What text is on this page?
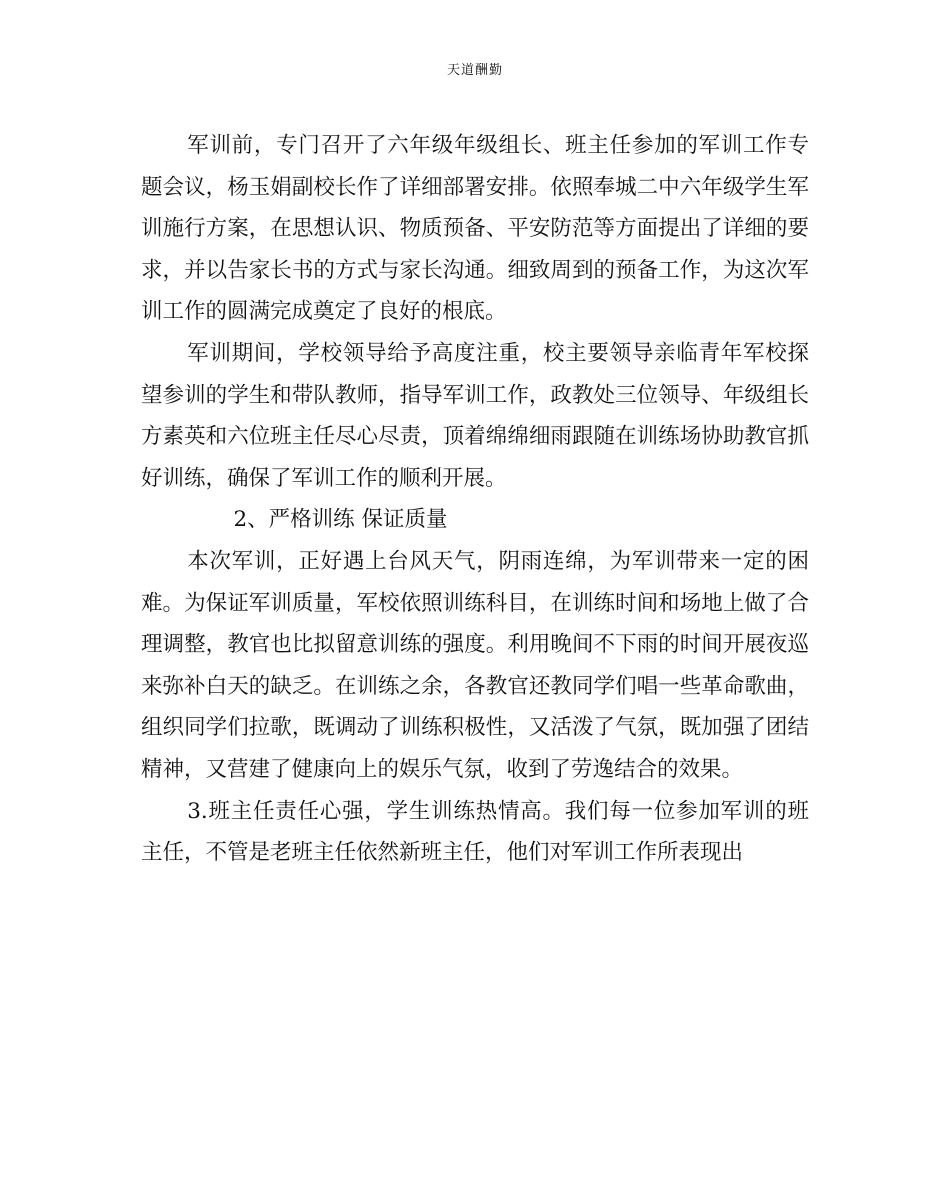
天道酬勤

军训前，专门召开了六年级年级组长、班主任参加的军训工作专题会议，杨玉娟副校长作了详细部署安排。依照奉城二中六年级学生军训施行方案，在思想认识、物质预备、平安防范等方面提出了详细的要求，并以告家长书的方式与家长沟通。细致周到的预备工作，为这次军训工作的圆满完成奠定了良好的根底。

军训期间，学校领导给予高度注重，校主要领导亲临青年军校探望参训的学生和带队教师，指导军训工作，政教处三位领导、年级组长方素英和六位班主任尽心尽责，顶着绵绵细雨跟随在训练场协助教官抓好训练，确保了军训工作的顺利开展。

2、严格训练 保证质量

本次军训，正好遇上台风天气，阴雨连绵，为军训带来一定的困难。为保证军训质量，军校依照训练科目，在训练时间和场地上做了合理调整，教官也比拟留意训练的强度。利用晚间不下雨的时间开展夜巡来弥补白天的缺乏。在训练之余，各教官还教同学们唱一些革命歌曲，组织同学们拉歌，既调动了训练积极性，又活泼了气氛，既加强了团结精神，又营建了健康向上的娱乐气氛，收到了劳逸结合的效果。

3.班主任责任心强，学生训练热情高。我们每一位参加军训的班主任，不管是老班主任依然新班主任，他们对军训工作所表现出
